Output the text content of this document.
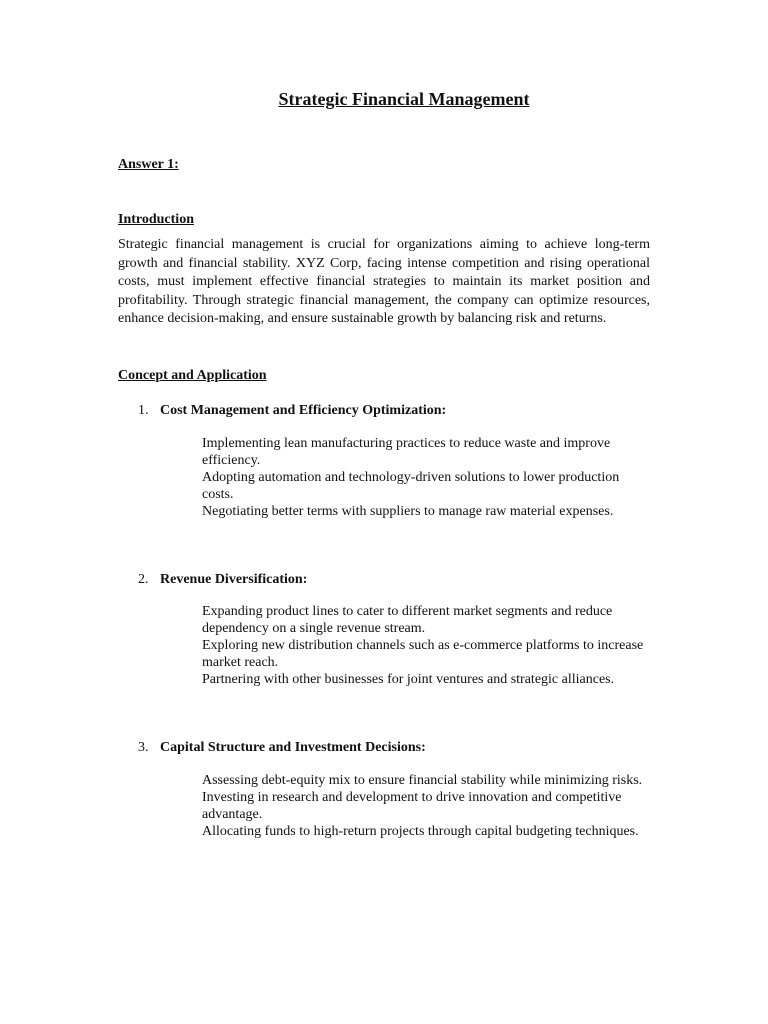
Strategic Financial Management
Answer 1:
Introduction
Strategic financial management is crucial for organizations aiming to achieve long-term growth and financial stability. XYZ Corp, facing intense competition and rising operational costs, must implement effective financial strategies to maintain its market position and profitability. Through strategic financial management, the company can optimize resources, enhance decision-making, and ensure sustainable growth by balancing risk and returns.
Concept and Application
1. Cost Management and Efficiency Optimization:

Implementing lean manufacturing practices to reduce waste and improve efficiency.

Adopting automation and technology-driven solutions to lower production costs.

Negotiating better terms with suppliers to manage raw material expenses.

2. Revenue Diversification:

Expanding product lines to cater to different market segments and reduce dependency on a single revenue stream.

Exploring new distribution channels such as e-commerce platforms to increase market reach.

Partnering with other businesses for joint ventures and strategic alliances.

3. Capital Structure and Investment Decisions:

Assessing debt-equity mix to ensure financial stability while minimizing risks.

Investing in research and development to drive innovation and competitive advantage.

Allocating funds to high-return projects through capital budgeting techniques.
